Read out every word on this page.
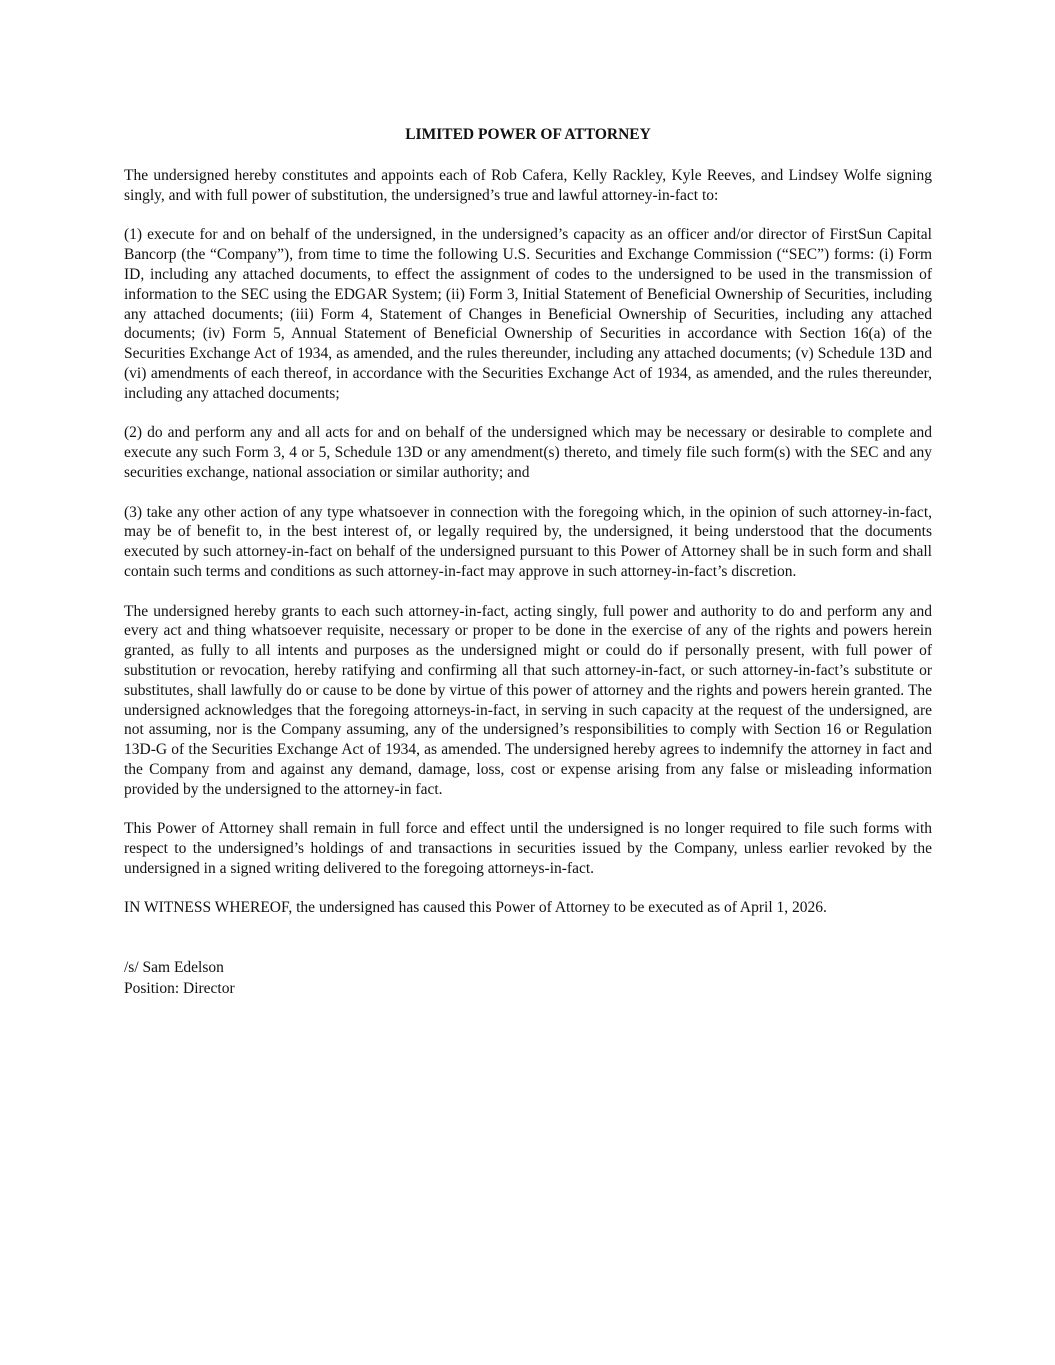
LIMITED POWER OF ATTORNEY

The undersigned hereby constitutes and appoints each of Rob Cafera, Kelly Rackley, Kyle Reeves, and Lindsey Wolfe signing singly, and with full power of substitution, the undersigned’s true and lawful attorney-in-fact to:

(1) execute for and on behalf of the undersigned, in the undersigned’s capacity as an officer and/or director of FirstSun Capital Bancorp (the “Company”), from time to time the following U.S. Securities and Exchange Commission (“SEC”) forms: (i) Form ID, including any attached documents, to effect the assignment of codes to the undersigned to be used in the transmission of information to the SEC using the EDGAR System; (ii) Form 3, Initial Statement of Beneficial Ownership of Securities, including any attached documents; (iii) Form 4, Statement of Changes in Beneficial Ownership of Securities, including any attached documents; (iv) Form 5, Annual Statement of Beneficial Ownership of Securities in accordance with Section 16(a) of the Securities Exchange Act of 1934, as amended, and the rules thereunder, including any attached documents; (v) Schedule 13D and (vi) amendments of each thereof, in accordance with the Securities Exchange Act of 1934, as amended, and the rules thereunder, including any attached documents;

(2) do and perform any and all acts for and on behalf of the undersigned which may be necessary or desirable to complete and execute any such Form 3, 4 or 5, Schedule 13D or any amendment(s) thereto, and timely file such form(s) with the SEC and any securities exchange, national association or similar authority; and

(3) take any other action of any type whatsoever in connection with the foregoing which, in the opinion of such attorney-in-fact, may be of benefit to, in the best interest of, or legally required by, the undersigned, it being understood that the documents executed by such attorney-in-fact on behalf of the undersigned pursuant to this Power of Attorney shall be in such form and shall contain such terms and conditions as such attorney-in-fact may approve in such attorney-in-fact’s discretion.

The undersigned hereby grants to each such attorney-in-fact, acting singly, full power and authority to do and perform any and every act and thing whatsoever requisite, necessary or proper to be done in the exercise of any of the rights and powers herein granted, as fully to all intents and purposes as the undersigned might or could do if personally present, with full power of substitution or revocation, hereby ratifying and confirming all that such attorney-in-fact, or such attorney-in-fact’s substitute or substitutes, shall lawfully do or cause to be done by virtue of this power of attorney and the rights and powers herein granted. The undersigned acknowledges that the foregoing attorneys-in-fact, in serving in such capacity at the request of the undersigned, are not assuming, nor is the Company assuming, any of the undersigned’s responsibilities to comply with Section 16 or Regulation 13D-G of the Securities Exchange Act of 1934, as amended. The undersigned hereby agrees to indemnify the attorney in fact and the Company from and against any demand, damage, loss, cost or expense arising from any false or misleading information provided by the undersigned to the attorney-in fact.

This Power of Attorney shall remain in full force and effect until the undersigned is no longer required to file such forms with respect to the undersigned’s holdings of and transactions in securities issued by the Company, unless earlier revoked by the undersigned in a signed writing delivered to the foregoing attorneys-in-fact.

IN WITNESS WHEREOF, the undersigned has caused this Power of Attorney to be executed as of April 1, 2026.

/s/ Sam Edelson
Position: Director
